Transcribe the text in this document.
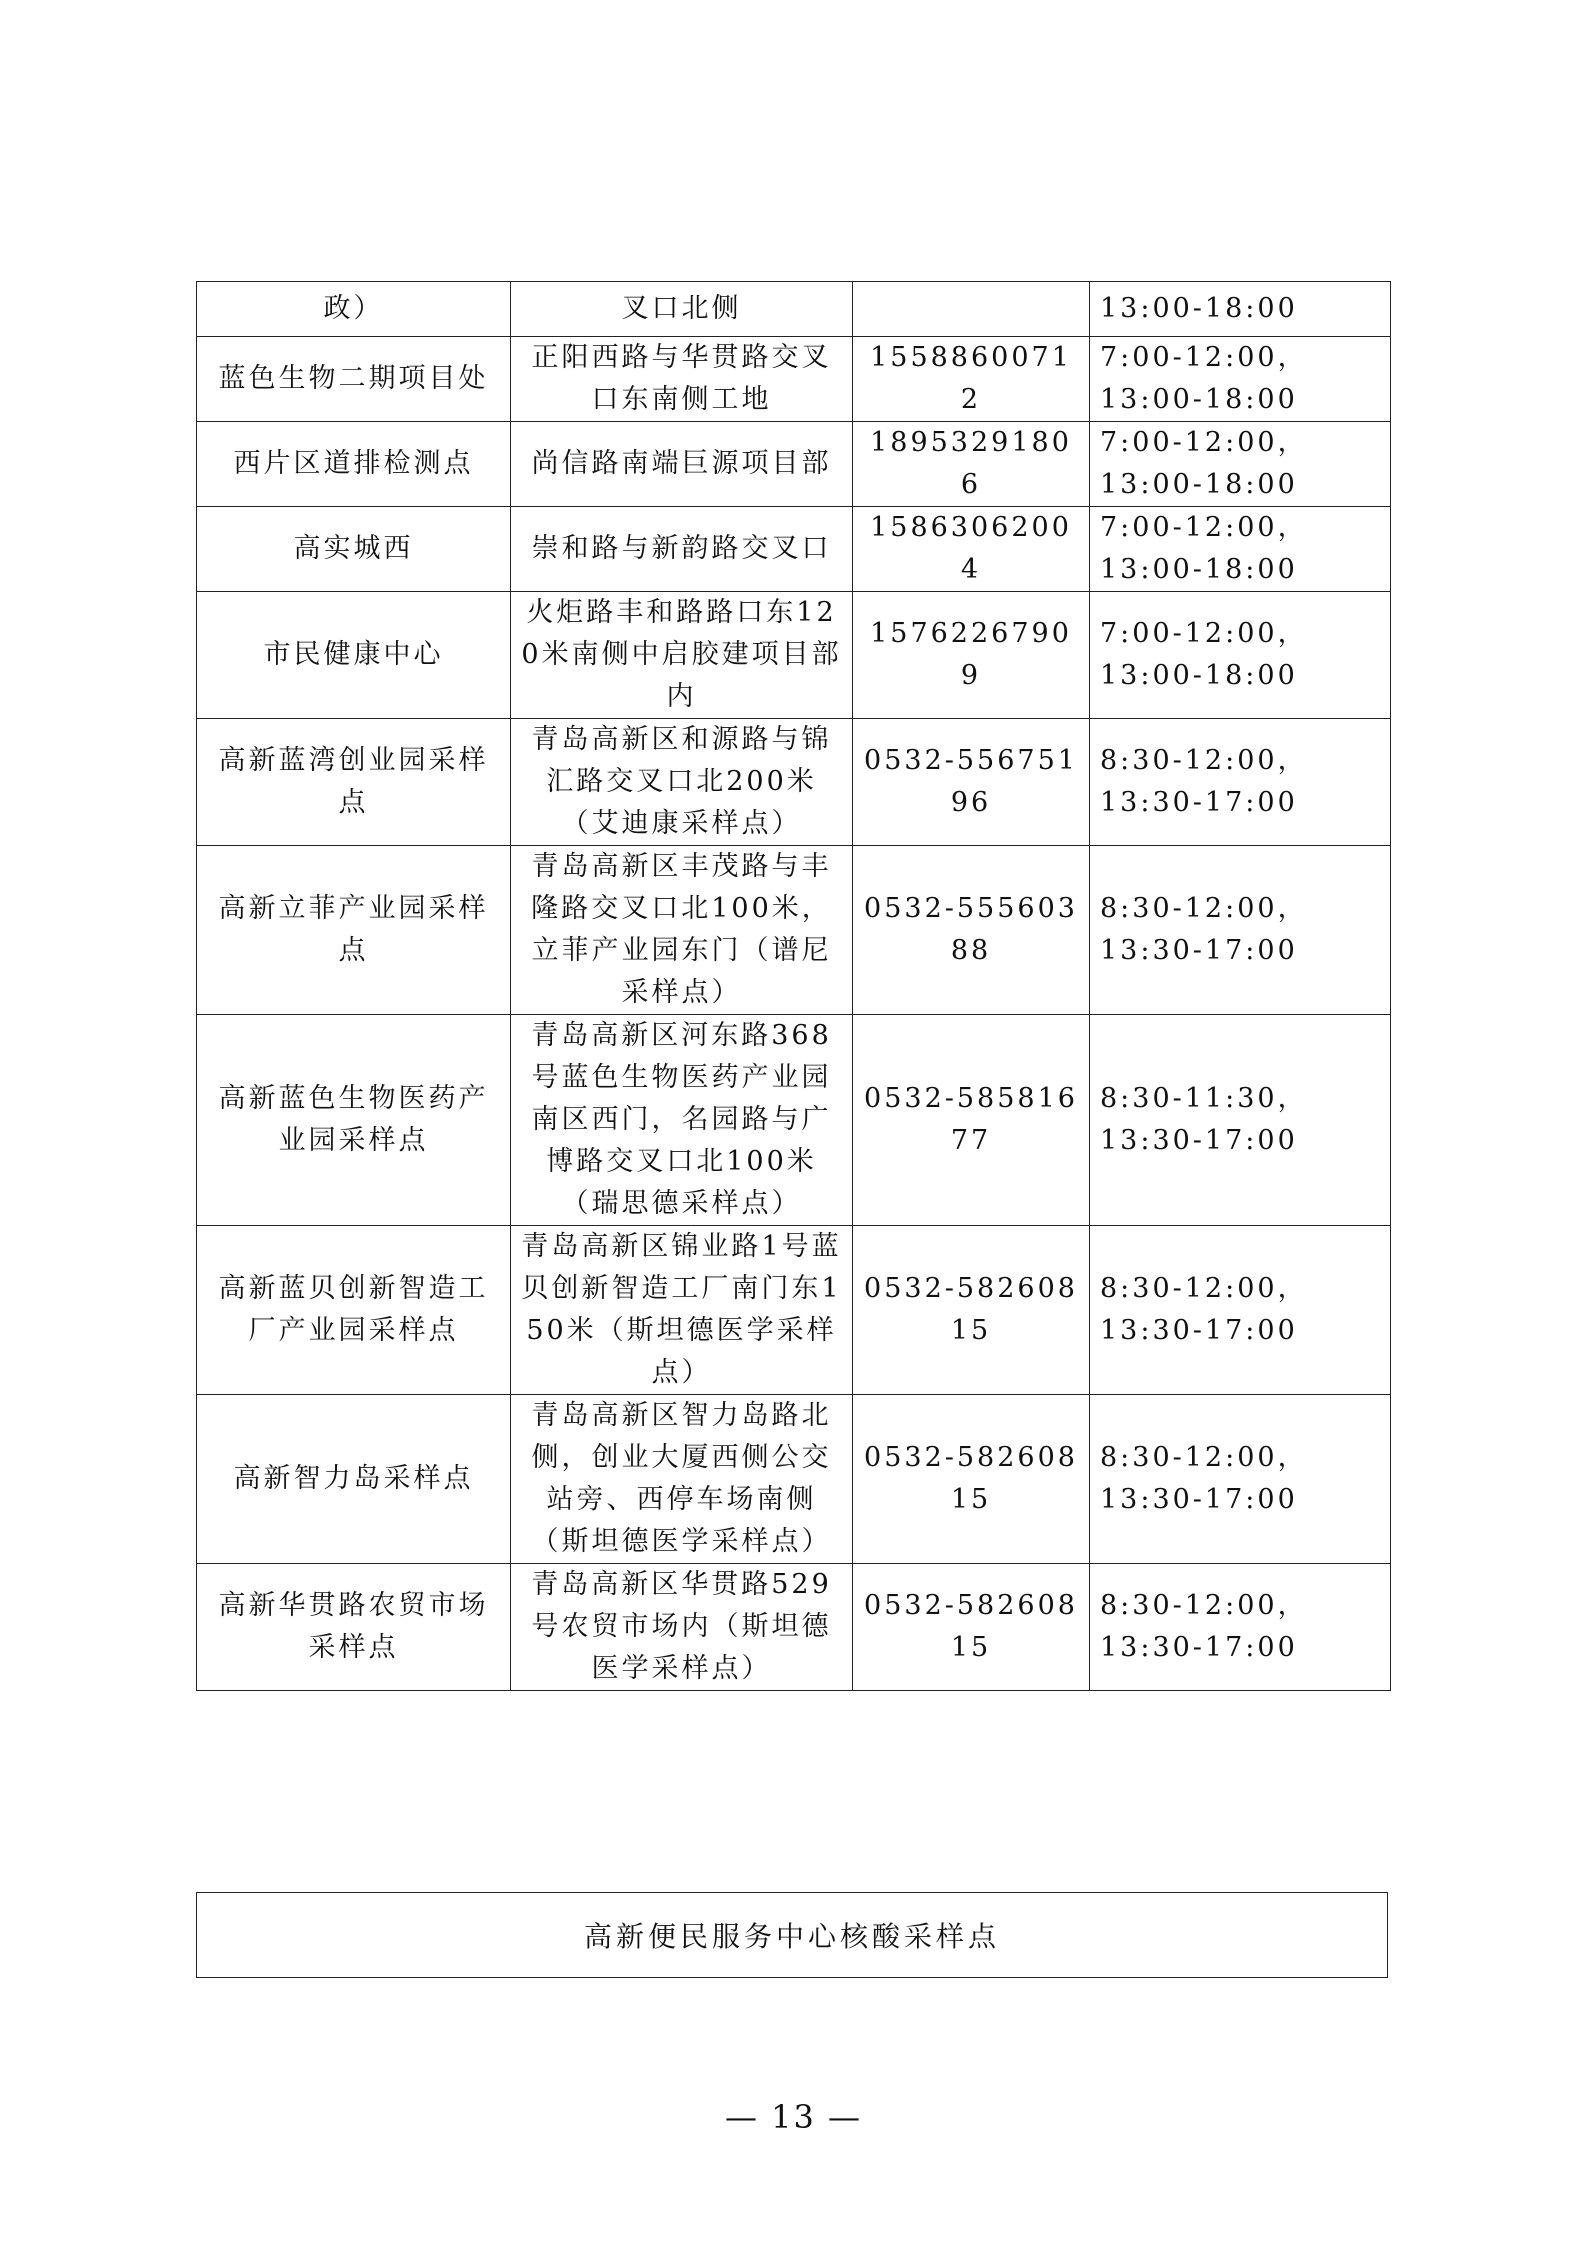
政）	叉口北侧		13:00-18:00

蓝色生物二期项目处	正阳西路与华贯路交叉口东南侧工地	15588600712	7:00-12:00，
13:00-18:00

西片区道排检测点	尚信路南端巨源项目部	18953291806	7:00-12:00，
13:00-18:00

高实城西	崇和路与新韵路交叉口	15863062004	7:00-12:00，
13:00-18:00

市民健康中心	火炬路丰和路路口东120米南侧中启胶建项目部内	15762267909	7:00-12:00，
13:00-18:00

高新蓝湾创业园采样点	青岛高新区和源路与锦汇路交叉口北200米（艾迪康采样点）	0532-55675196	8:30-12:00，
13:30-17:00

高新立菲产业园采样点	青岛高新区丰茂路与丰隆路交叉口北100米，立菲产业园东门（谱尼采样点）	0532-55560388	8:30-12:00，
13:30-17:00

高新蓝色生物医药产业园采样点	青岛高新区河东路368号蓝色生物医药产业园南区西门，名园路与广博路交叉口北100米（瑞思德采样点）	0532-58581677	8:30-11:30，
13:30-17:00

高新蓝贝创新智造工厂产业园采样点	青岛高新区锦业路1号蓝贝创新智造工厂南门东150米（斯坦德医学采样点）	0532-58260815	8:30-12:00，
13:30-17:00

高新智力岛采样点	青岛高新区智力岛路北侧，创业大厦西侧公交站旁、西停车场南侧（斯坦德医学采样点）	0532-58260815	8:30-12:00，
13:30-17:00

高新华贯路农贸市场采样点	青岛高新区华贯路529号农贸市场内（斯坦德医学采样点）	0532-58260815	8:30-12:00，
13:30-17:00
高新便民服务中心核酸采样点
— 13 —
